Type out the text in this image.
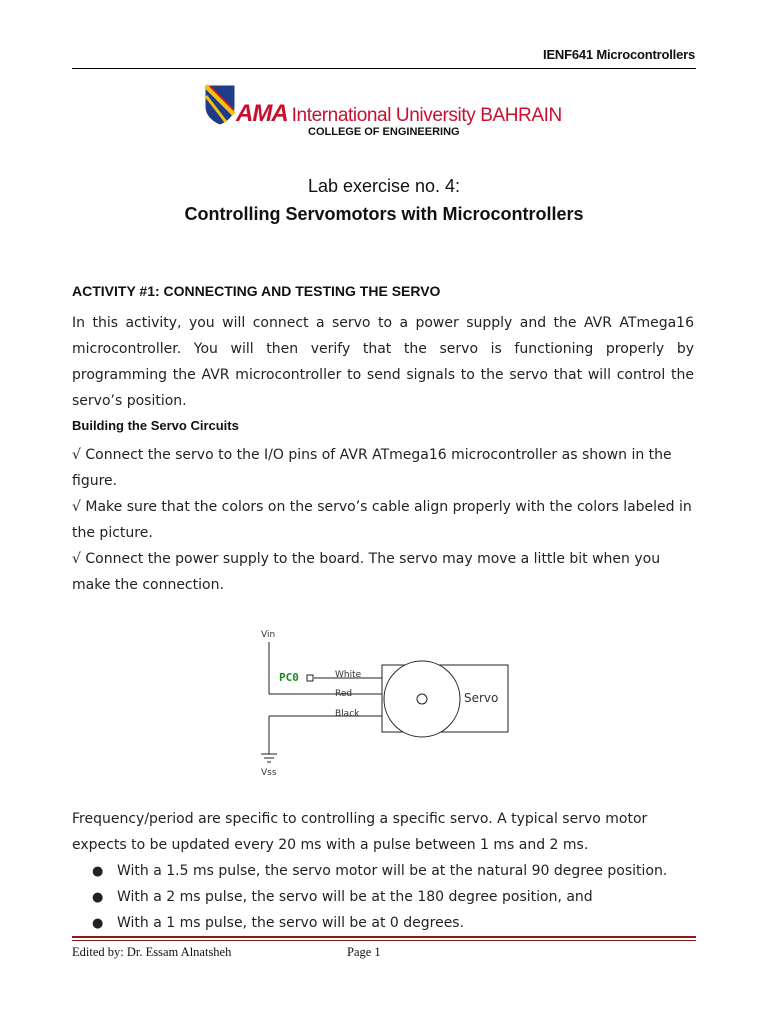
IENF641 Microcontrollers
AMA International University BAHRAIN
COLLEGE OF ENGINEERING
Lab exercise no. 4:
Controlling Servomotors with Microcontrollers
ACTIVITY #1: CONNECTING AND TESTING THE SERVO
In this activity, you will connect a servo to a power supply and the AVR ATmega16 microcontroller. You will then verify that the servo is functioning properly by programming the AVR microcontroller to send signals to the servo that will control the servo’s position.
Building the Servo Circuits
√ Connect the servo to the I/O pins of AVR ATmega16 microcontroller as shown in the figure.
√ Make sure that the colors on the servo’s cable align properly with the colors labeled in the picture.
√ Connect the power supply to the board. The servo may move a little bit when you make the connection.
Vin
Vss
White
Red
Black
Servo
PC0
Frequency/period are specific to controlling a specific servo. A typical servo motor expects to be updated every 20 ms with a pulse between 1 ms and 2 ms.
● With a 1.5 ms pulse, the servo motor will be at the natural 90 degree position.
● With a 2 ms pulse, the servo will be at the 180 degree position, and
● With a 1 ms pulse, the servo will be at 0 degrees.
Edited by: Dr. Essam Alnatsheh	Page 1
